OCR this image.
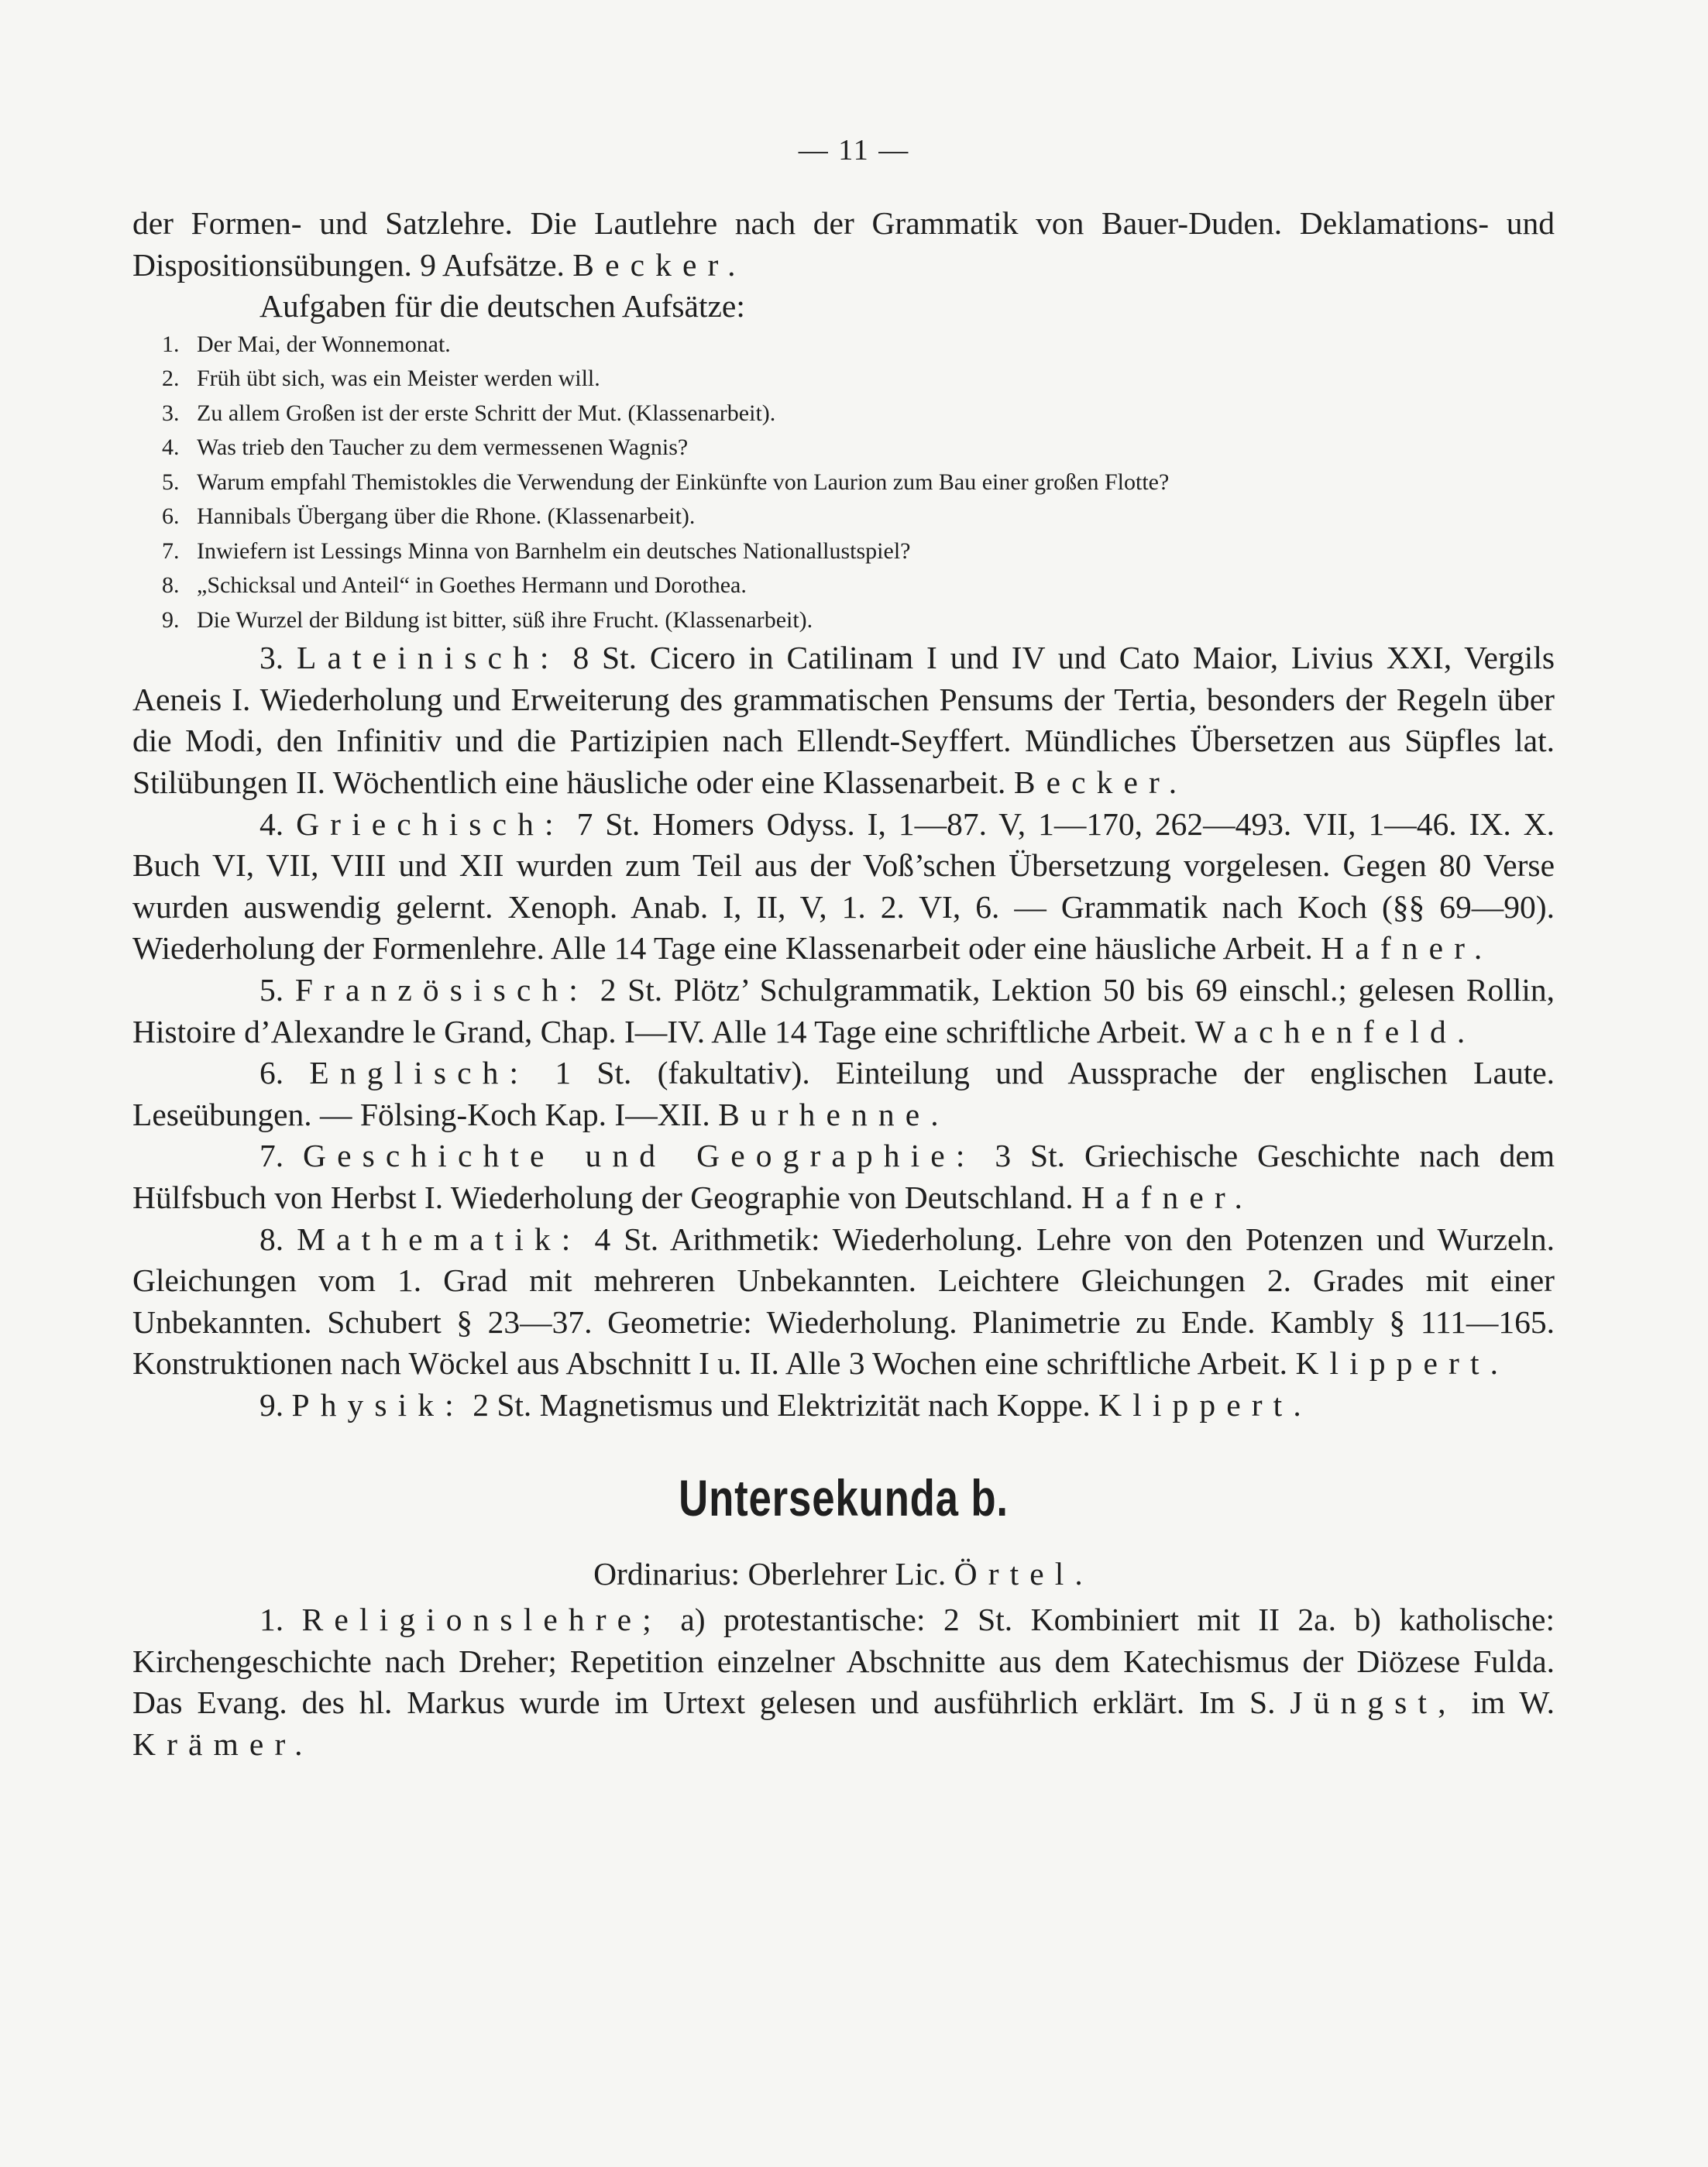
— 11 —

der Formen- und Satzlehre. Die Lautlehre nach der Grammatik von Bauer-Duden. Deklamations- und Dispositionsübungen. 9 Aufsätze. Becker.

Aufgaben für die deutschen Aufsätze:

1. Der Mai, der Wonnemonat.
2. Früh übt sich, was ein Meister werden will.
3. Zu allem Großen ist der erste Schritt der Mut. (Klassenarbeit).
4. Was trieb den Taucher zu dem vermessenen Wagnis?
5. Warum empfahl Themistokles die Verwendung der Einkünfte von Laurion zum Bau einer großen Flotte?
6. Hannibals Übergang über die Rhone. (Klassenarbeit).
7. Inwiefern ist Lessings Minna von Barnhelm ein deutsches Nationallustspiel?
8. „Schicksal und Anteil“ in Goethes Hermann und Dorothea.
9. Die Wurzel der Bildung ist bitter, süß ihre Frucht. (Klassenarbeit).

3. Lateinisch: 8 St. Cicero in Catilinam I und IV und Cato Maior, Livius XXI, Vergils Aeneis I. Wiederholung und Erweiterung des grammatischen Pensums der Tertia, besonders der Regeln über die Modi, den Infinitiv und die Partizipien nach Ellendt-Seyffert. Mündliches Übersetzen aus Süpfles lat. Stilübungen II. Wöchentlich eine häusliche oder eine Klassenarbeit. Becker.

4. Griechisch: 7 St. Homers Odyss. I, 1—87. V, 1—170, 262—493. VII, 1—46. IX. X. Buch VI, VII, VIII und XII wurden zum Teil aus der Voß’schen Übersetzung vorgelesen. Gegen 80 Verse wurden auswendig gelernt. Xenoph. Anab. I, II, V, 1. 2. VI, 6. — Grammatik nach Koch (§§ 69—90). Wiederholung der Formenlehre. Alle 14 Tage eine Klassenarbeit oder eine häusliche Arbeit. Hafner.

5. Französisch: 2 St. Plötz’ Schulgrammatik, Lektion 50 bis 69 einschl.; gelesen Rollin, Histoire d’Alexandre le Grand, Chap. I—IV. Alle 14 Tage eine schriftliche Arbeit. Wachenfeld.

6. Englisch: 1 St. (fakultativ). Einteilung und Aussprache der englischen Laute. Leseübungen. — Fölsing-Koch Kap. I—XII. Burhenne.

7. Geschichte und Geographie: 3 St. Griechische Geschichte nach dem Hülfsbuch von Herbst I. Wiederholung der Geographie von Deutschland. Hafner.

8. Mathematik: 4 St. Arithmetik: Wiederholung. Lehre von den Potenzen und Wurzeln. Gleichungen vom 1. Grad mit mehreren Unbekannten. Leichtere Gleichungen 2. Grades mit einer Unbekannten. Schubert § 23—37. Geometrie: Wiederholung. Planimetrie zu Ende. Kambly § 111—165. Konstruktionen nach Wöckel aus Abschnitt I u. II. Alle 3 Wochen eine schriftliche Arbeit. Klippert.

9. Physik: 2 St. Magnetismus und Elektrizität nach Koppe. Klippert.

Untersekunda b.

Ordinarius: Oberlehrer Lic. Örtel.

1. Religionslehre; a) protestantische: 2 St. Kombiniert mit II 2a. b) katholische: Kirchengeschichte nach Dreher; Repetition einzelner Abschnitte aus dem Katechismus der Diözese Fulda. Das Evang. des hl. Markus wurde im Urtext gelesen und ausführlich erklärt. Im S. Jüngst, im W. Krämer.
